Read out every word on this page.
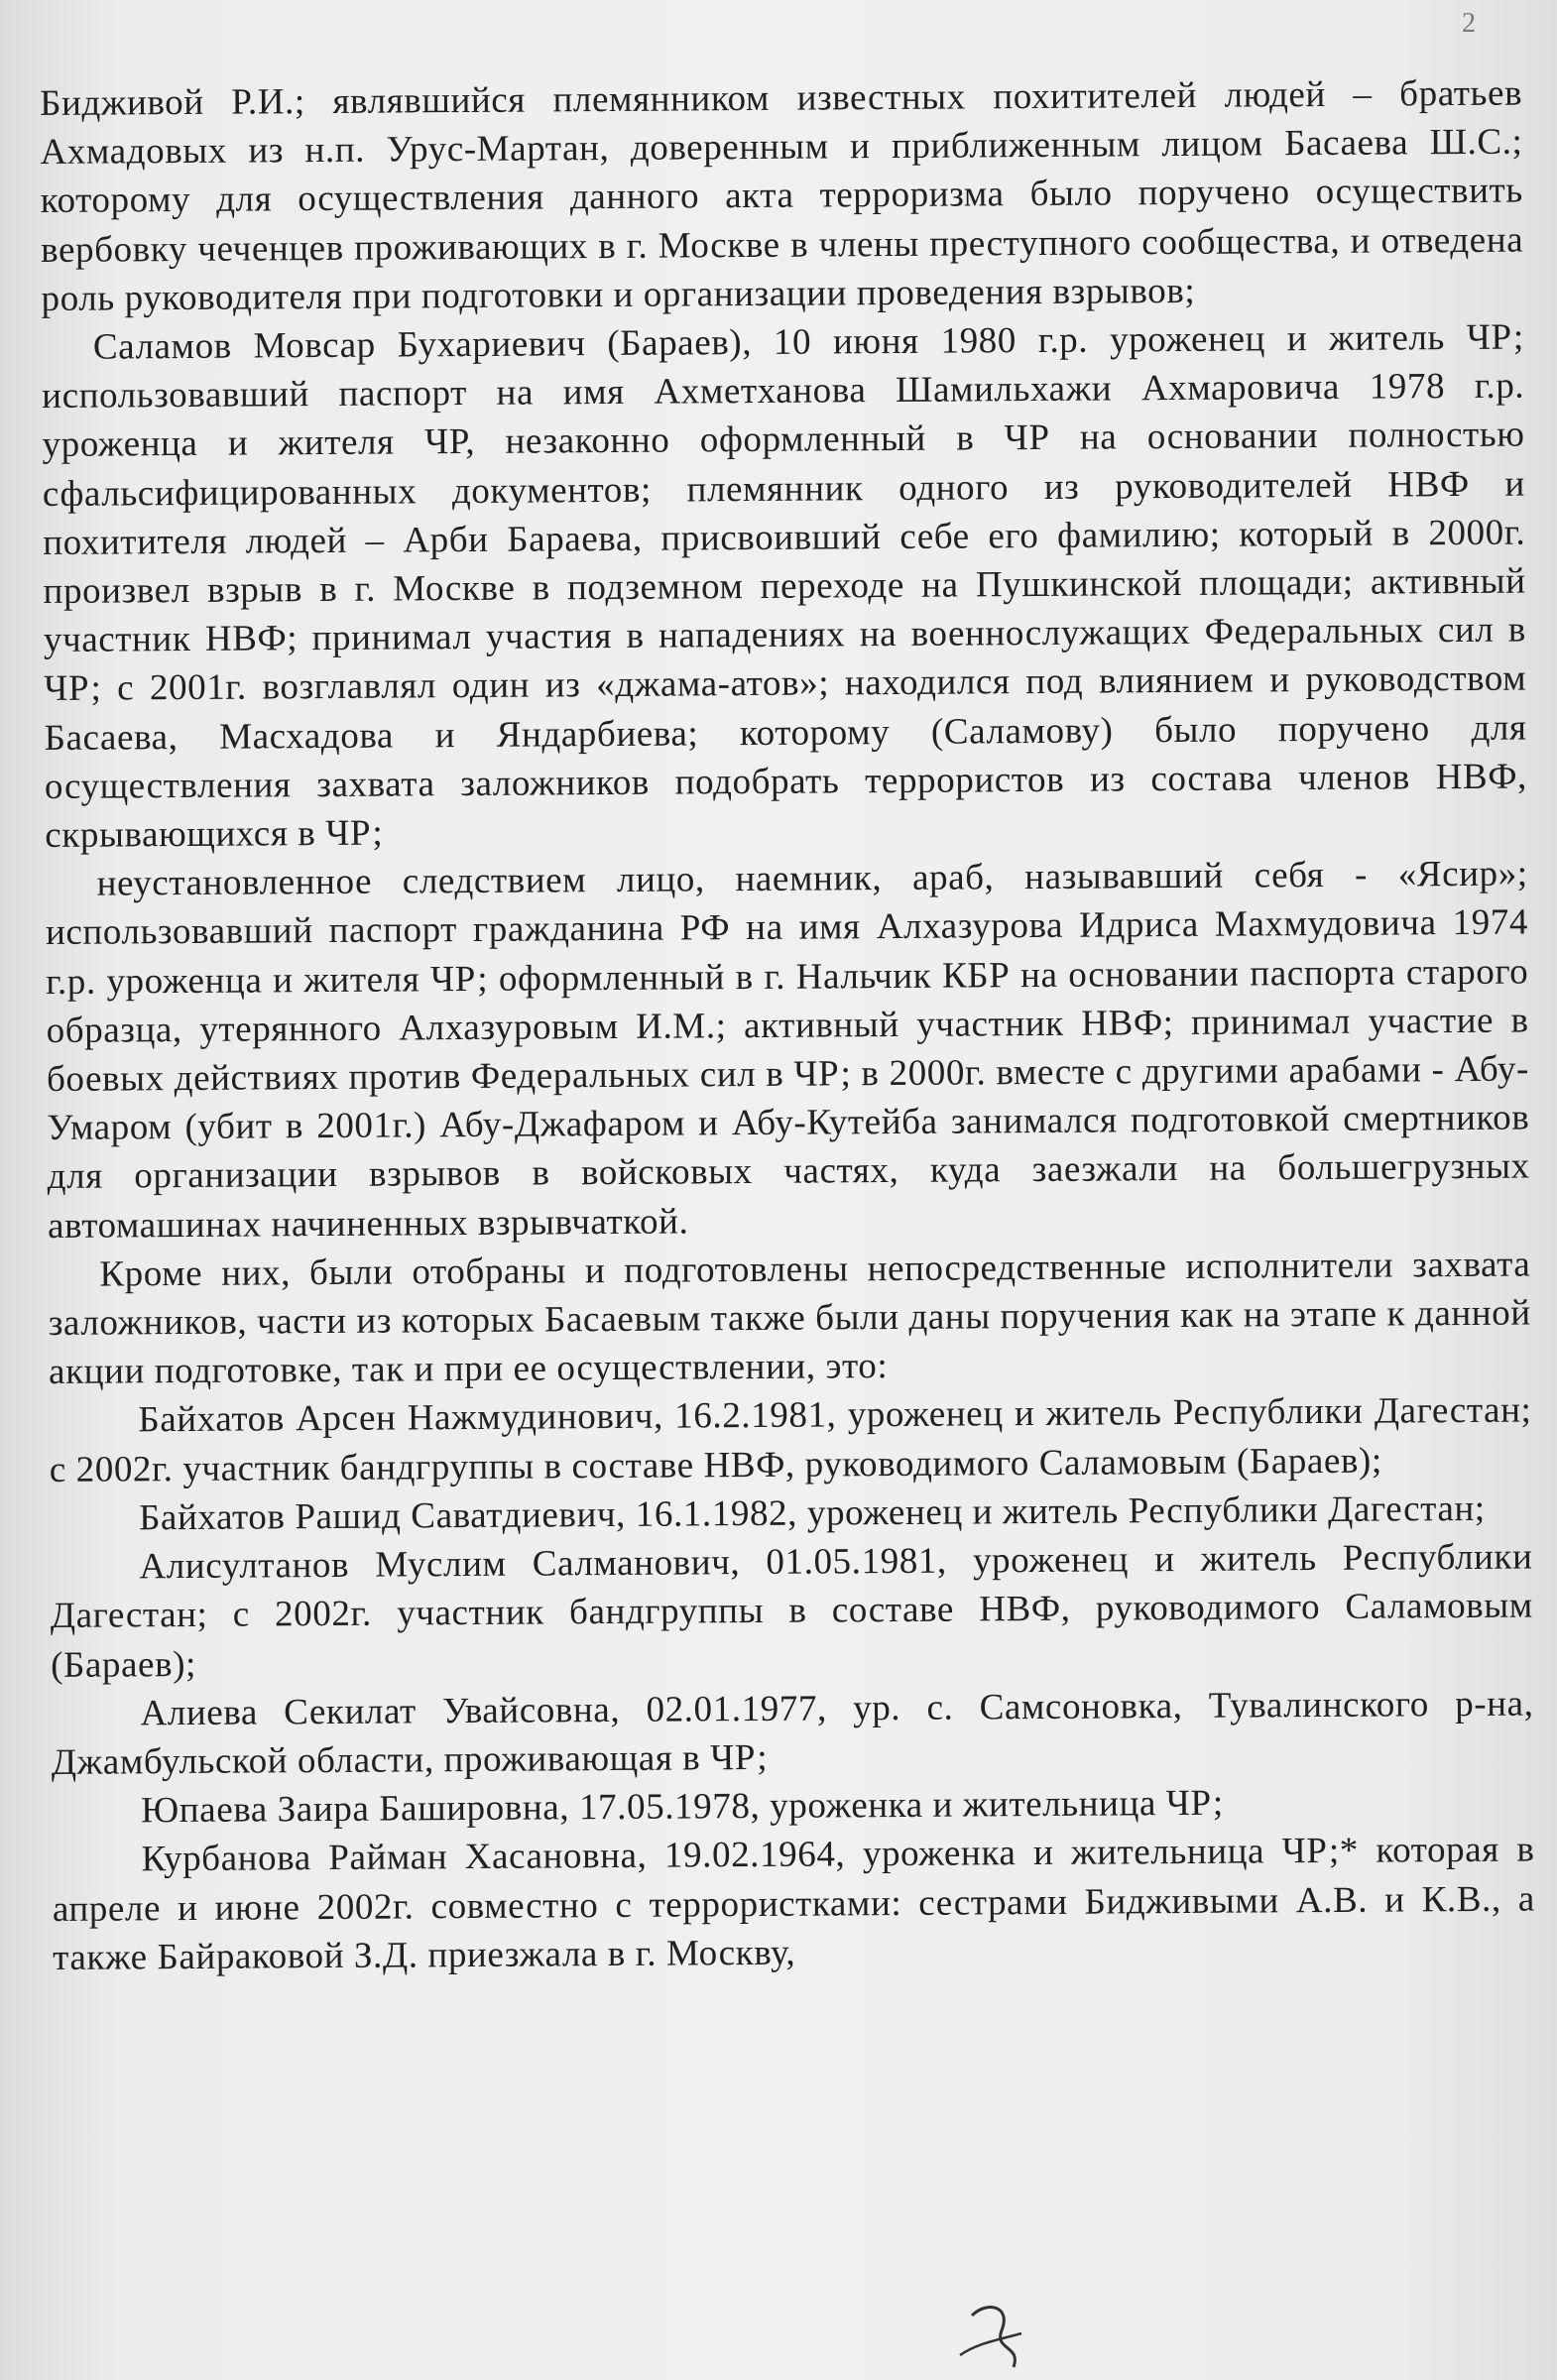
2

Бидживой Р.И.; являвшийся племянником известных похитителей людей – братьев Ахмадовых из н.п. Урус-Мартан, доверенным и приближенным лицом Басаева Ш.С.; которому для осуществления данного акта терроризма было поручено осуществить вербовку чеченцев проживающих в г. Москве в члены преступного сообщества, и отведена роль руководителя при подготовки и организации проведения взрывов;

Саламов Мовсар Бухариевич (Бараев), 10 июня 1980 г.р. уроженец и житель ЧР; использовавший паспорт на имя Ахметханова Шамильхажи Ахмаровича 1978 г.р. уроженца и жителя ЧР, незаконно оформленный в ЧР на основании полностью сфальсифицированных документов; племянник одного из руководителей НВФ и похитителя людей – Арби Бараева, присвоивший себе его фамилию; который в 2000г. произвел взрыв в г. Москве в подземном переходе на Пушкинской площади; активный участник НВФ; принимал участия в нападениях на военнослужащих Федеральных сил в ЧР; с 2001г. возглавлял один из «джама-атов»; находился под влиянием и руководством Басаева, Масхадова и Яндарбиева; которому (Саламову) было поручено для осуществления захвата заложников подобрать террористов из состава членов НВФ, скрывающихся в ЧР;

неустановленное следствием лицо, наемник, араб, называвший себя - «Ясир»; использовавший паспорт гражданина РФ на имя Алхазурова Идриса Махмудовича 1974 г.р. уроженца и жителя ЧР; оформленный в г. Нальчик КБР на основании паспорта старого образца, утерянного Алхазуровым И.М.; активный участник НВФ; принимал участие в боевых действиях против Федеральных сил в ЧР; в 2000г. вместе с другими арабами - Абу-Умаром (убит в 2001г.) Абу-Джафаром и Абу-Кутейба занимался подготовкой смертников для организации взрывов в войсковых частях, куда заезжали на большегрузных автомашинах начиненных взрывчаткой.

Кроме них, были отобраны и подготовлены непосредственные исполнители захвата заложников, части из которых Басаевым также были даны поручения как на этапе к данной акции подготовке, так и при ее осуществлении, это:

Байхатов Арсен Нажмудинович, 16.2.1981, уроженец и житель Республики Дагестан; с 2002г. участник бандгруппы в составе НВФ, руководимого Саламовым (Бараев);

Байхатов Рашид Саватдиевич, 16.1.1982, уроженец и житель Республики Дагестан;

Алисултанов Муслим Салманович, 01.05.1981, уроженец и житель Республики Дагестан; с 2002г. участник бандгруппы в составе НВФ, руководимого Саламовым (Бараев);

Алиева Секилат Увайсовна, 02.01.1977, ур. с. Самсоновка, Тувалинского р-на, Джамбульской области, проживающая в ЧР;

Юпаева Заира Башировна, 17.05.1978, уроженка и жительница ЧР;

Курбанова Райман Хасановна, 19.02.1964, уроженка и жительница ЧР;* которая в апреле и июне 2002г. совместно с террористками: сестрами Бидживыми А.В. и К.В., а также Байраковой З.Д. приезжала в г. Москву,
